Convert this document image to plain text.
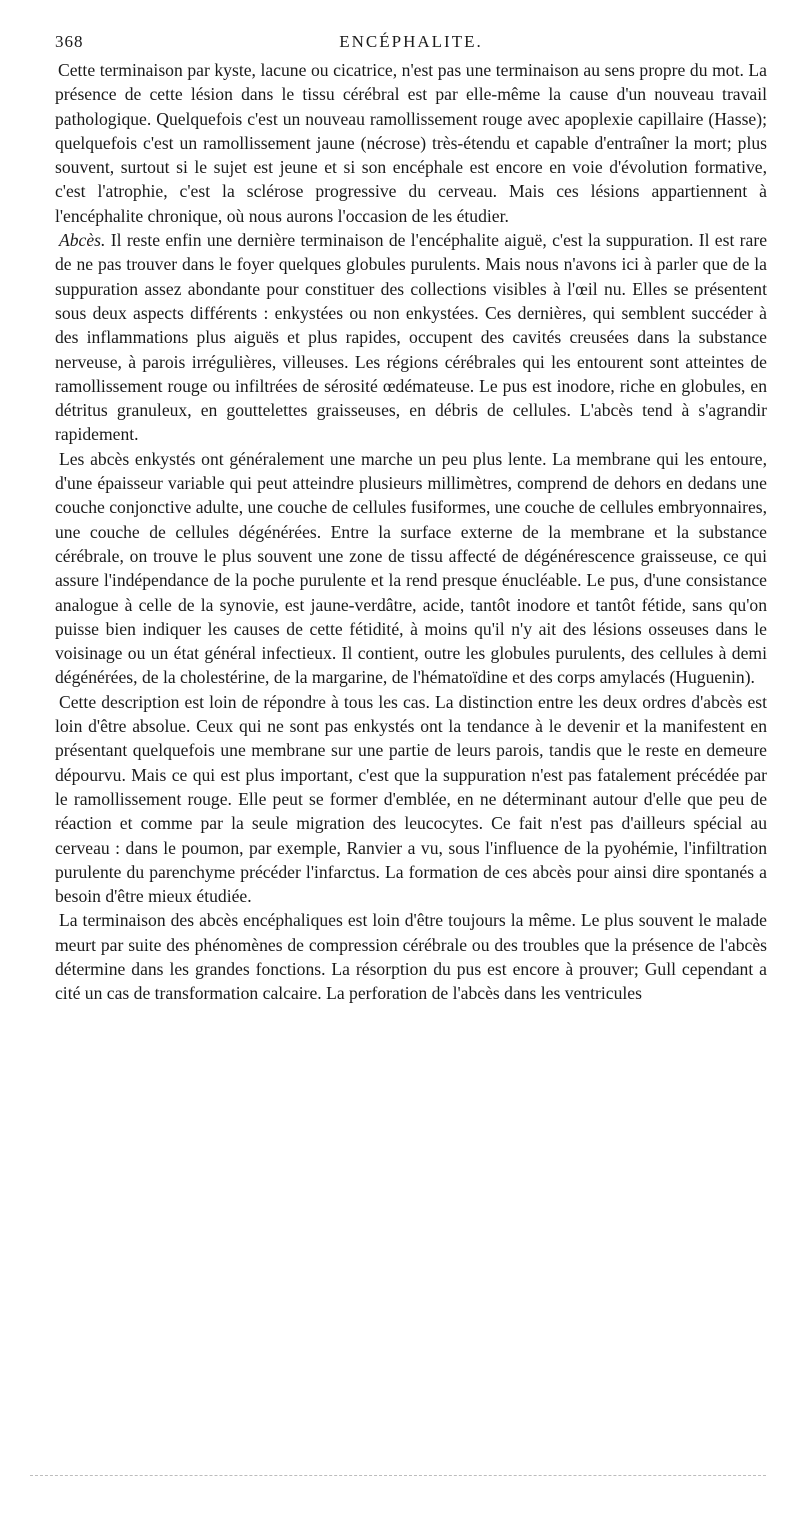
368	ENCÉPHALITE.

Cette terminaison par kyste, lacune ou cicatrice, n'est pas une terminaison au sens propre du mot. La présence de cette lésion dans le tissu cérébral est par elle-même la cause d'un nouveau travail pathologique. Quelquefois c'est un nouveau ramollissement rouge avec apoplexie capillaire (Hasse); quelquefois c'est un ramollissement jaune (nécrose) très-étendu et capable d'entraîner la mort; plus souvent, surtout si le sujet est jeune et si son encéphale est encore en voie d'évolution formative, c'est l'atrophie, c'est la sclérose progressive du cerveau. Mais ces lésions appartiennent à l'encéphalite chronique, où nous aurons l'occasion de les étudier.

Abcès. Il reste enfin une dernière terminaison de l'encéphalite aiguë, c'est la suppuration. Il est rare de ne pas trouver dans le foyer quelques globules purulents. Mais nous n'avons ici à parler que de la suppuration assez abondante pour constituer des collections visibles à l'œil nu. Elles se présentent sous deux aspects différents : enkystées ou non enkystées. Ces dernières, qui semblent succéder à des inflammations plus aiguës et plus rapides, occupent des cavités creusées dans la substance nerveuse, à parois irrégulières, villeuses. Les régions cérébrales qui les entourent sont atteintes de ramollissement rouge ou infiltrées de sérosité œdémateuse. Le pus est inodore, riche en globules, en détritus granuleux, en gouttelettes graisseuses, en débris de cellules. L'abcès tend à s'agrandir rapidement.

Les abcès enkystés ont généralement une marche un peu plus lente. La membrane qui les entoure, d'une épaisseur variable qui peut atteindre plusieurs millimètres, comprend de dehors en dedans une couche conjonctive adulte, une couche de cellules fusiformes, une couche de cellules embryonnaires, une couche de cellules dégénérées. Entre la surface externe de la membrane et la substance cérébrale, on trouve le plus souvent une zone de tissu affecté de dégénérescence graisseuse, ce qui assure l'indépendance de la poche purulente et la rend presque énucléable. Le pus, d'une consistance analogue à celle de la synovie, est jaune-verdâtre, acide, tantôt inodore et tantôt fétide, sans qu'on puisse bien indiquer les causes de cette fétidité, à moins qu'il n'y ait des lésions osseuses dans le voisinage ou un état général infectieux. Il contient, outre les globules purulents, des cellules à demi dégénérées, de la cholestérine, de la margarine, de l'hématoïdine et des corps amylacés (Huguenin).

Cette description est loin de répondre à tous les cas. La distinction entre les deux ordres d'abcès est loin d'être absolue. Ceux qui ne sont pas enkystés ont la tendance à le devenir et la manifestent en présentant quelquefois une membrane sur une partie de leurs parois, tandis que le reste en demeure dépourvu. Mais ce qui est plus important, c'est que la suppuration n'est pas fatalement précédée par le ramollissement rouge. Elle peut se former d'emblée, en ne déterminant autour d'elle que peu de réaction et comme par la seule migration des leucocytes. Ce fait n'est pas d'ailleurs spécial au cerveau : dans le poumon, par exemple, Ranvier a vu, sous l'influence de la pyohémie, l'infiltration purulente du parenchyme précéder l'infarctus. La formation de ces abcès pour ainsi dire spontanés a besoin d'être mieux étudiée.

La terminaison des abcès encéphaliques est loin d'être toujours la même. Le plus souvent le malade meurt par suite des phénomènes de compression cérébrale ou des troubles que la présence de l'abcès détermine dans les grandes fonctions. La résorption du pus est encore à prouver; Gull cependant a cité un cas de transformation calcaire. La perforation de l'abcès dans les ventricules
